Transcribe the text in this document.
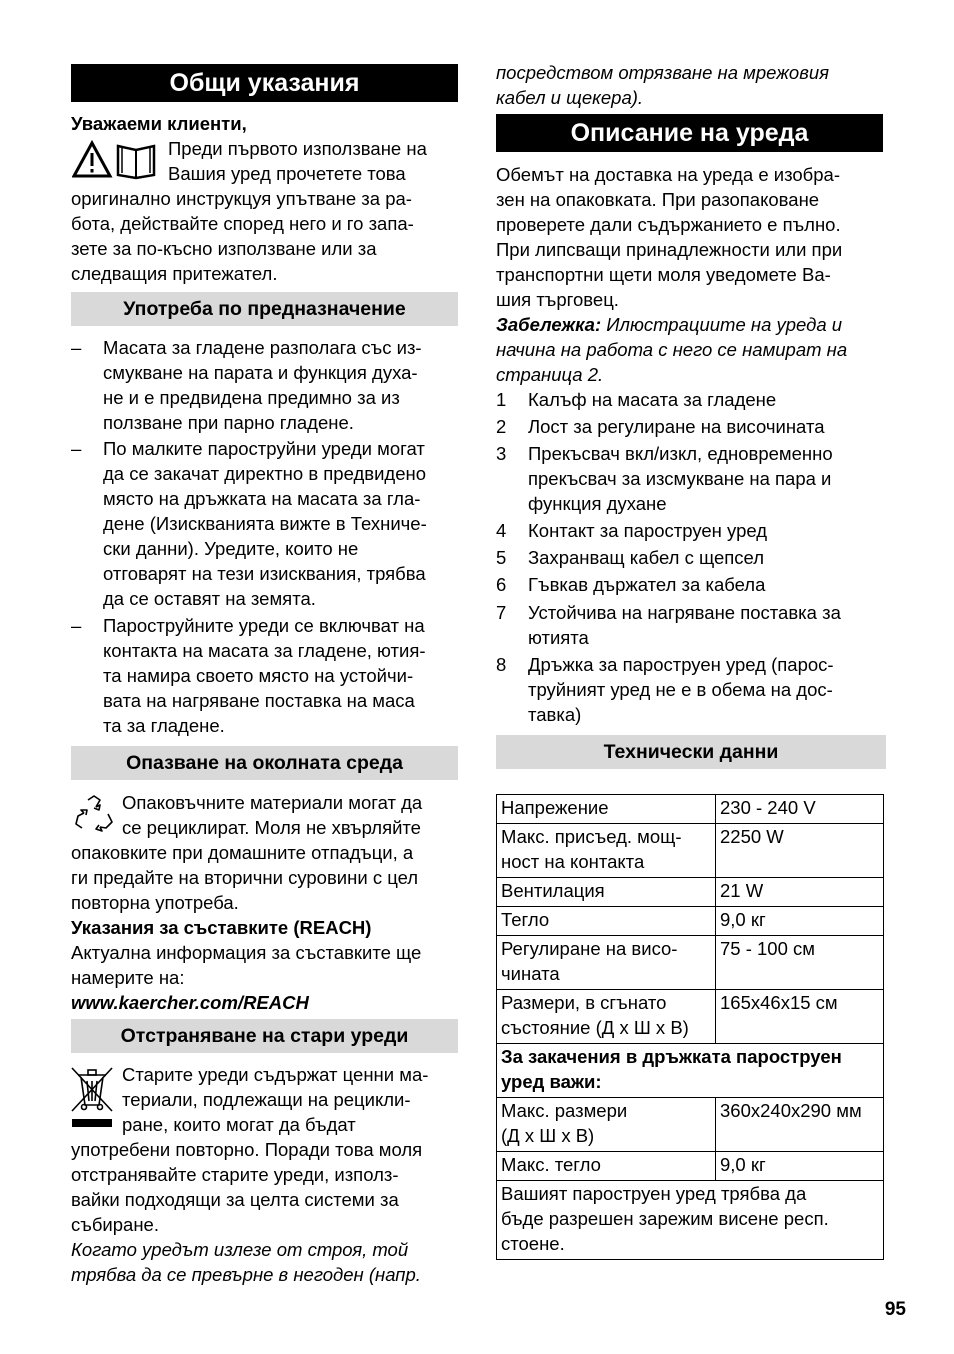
Общи указания
Уважаеми клиенти,
Преди първото използване на
Вашия уред прочетете това
оригинално инструкцуя упътване за ра-
бота, действайте според него и го запа-
зете за по-късно използване или за
следващия притежател.
Употреба по предназначение
– Масата за гладене разполага със из-
смукване на парата и функция духа-
не и е предвидена предимно за из
ползване при парно гладене.
– По малките пароструйни уреди могат
да се закачат директно в предвидено
място на дръжката на масата за гла-
дене (Изискванията вижте в Техниче-
ски данни). Уредите, които не
отговарят на тези изисквания, трябва
да се оставят на земята.
– Пароструйните уреди се включват на
контакта на масата за гладене, ютия-
та намира своето място на устойчи-
вата на нагряване поставка на маса
та за гладене.
Опазване на околната среда
Опаковъчните материали могат да
се рециклират. Моля не хвърляйте
опаковките при домашните отпадъци, а
ги предайте на вторични суровини с цел
повторна употреба.
Указания за съставките (REACH)
Актуална информация за съставките ще
намерите на:
www.kaercher.com/REACH
Отстраняване на стари уреди
Старите уреди съдържат ценни ма-
териали, подлежащи на рецикли-
ране, които могат да бъдат
употребени повторно. Поради това моля
отстранявайте старите уреди, използ-
вайки подходящи за целта системи за
събиране.
Когато уредът излезе от строя, той
трябва да се превърне в негоден (напр.
посредством отрязване на мрежовия
кабел и щекера).
Описание на уреда
Обемът на доставка на уреда е изобра-
зен на опаковката. При разопаковане
проверете дали съдържанието е пълно.
При липсващи принадлежности или при
транспортни щети моля уведомете Ва-
шия търговец.
Забележка: Илюстрациите на уреда и
начина на работа с него се намират на
страница 2.
1	Калъф на масата за гладене
2	Лост за регулиране на височината
3	Прекъсвач вкл/изкл, едновременно
прекъсвач за изсмукване на пара и
функция духане
4	Контакт за пароструен уред
5	Захранващ кабел с щепсел
6	Гъвкав държател за кабела
7	Устойчива на нагряване поставка за
ютията
8	Дръжка за пароструен уред (парос-
труйният уред не е в обема на дос-
тавка)
Технически данни
Напрежение	230 - 240 V

Макс. присъед. мощ-
ност на контакта	2250 W

Вентилация	21 W

Тегло	9,0 кг

Регулиране на висо-
чината	75 - 100 см

Размери, в сгънато
състояние (Д x Ш x В)	165x46x15 см

За закачения в дръжката пароструен
уред важи:	

Макс. размери
(Д x Ш x В)	360x240x290 мм

Макс. тегло	9,0 кг

Вашият пароструен уред трябва да
бъде разрешен зарежим висене респ.
стоене.	
95
